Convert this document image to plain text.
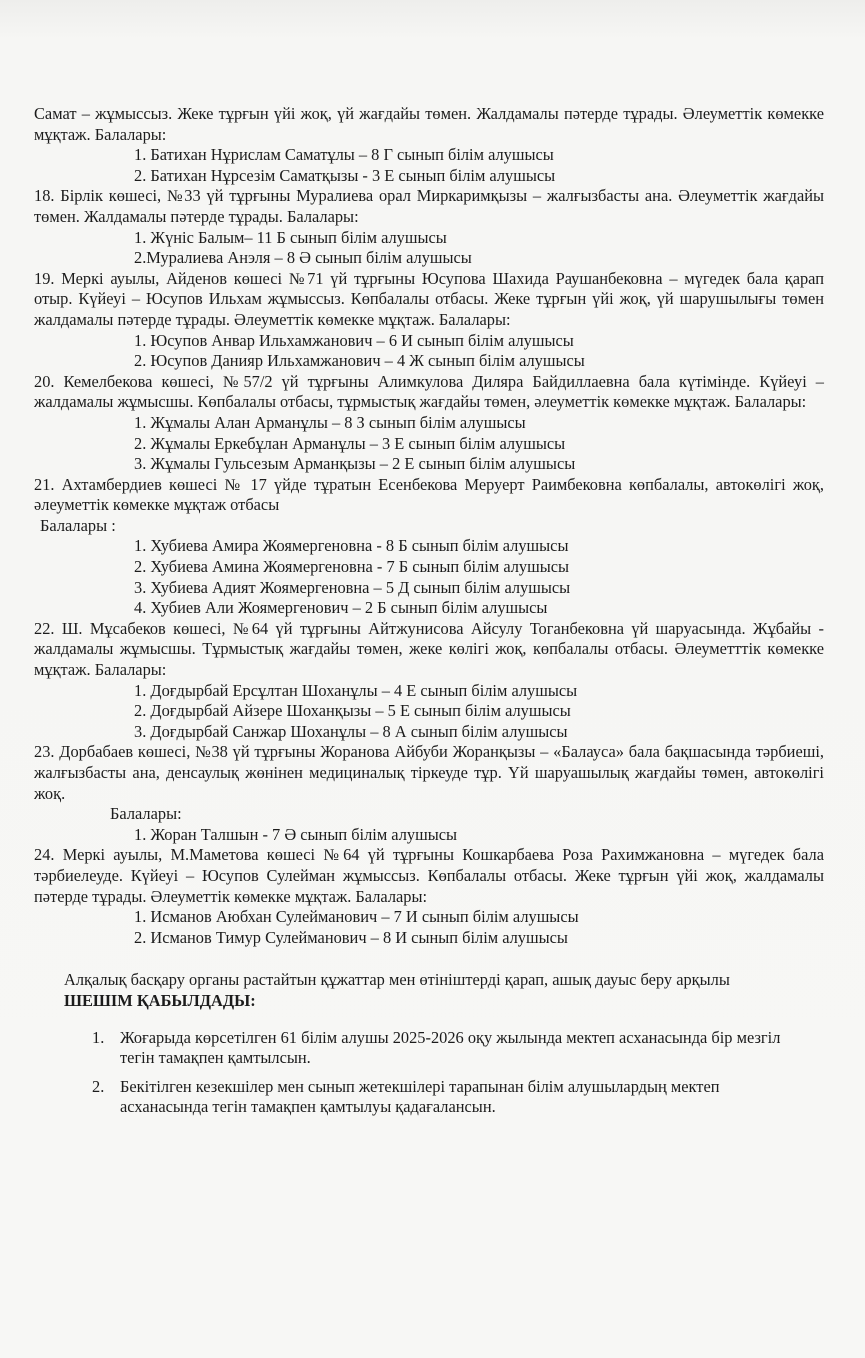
Самат – жұмыссыз. Жеке тұрғын үйі жоқ, үй жағдайы төмен. Жалдамалы пәтерде тұрады. Әлеуметтік көмекке мұқтаж. Балалары:

1. Батихан Нұрислам Саматұлы – 8 Г сынып білім алушысы

2. Батихан Нұрсезім Саматқызы - 3 Е сынып білім алушысы

18. Бірлік көшесі, №33 үй тұрғыны Муралиева орал Миркаримқызы – жалғызбасты ана. Әлеуметтік жағдайы төмен. Жалдамалы пәтерде тұрады. Балалары:

1. Жүніс Балым– 11 Б сынып білім алушысы

2.Муралиева Анэля – 8 Ә сынып білім алушысы

19. Меркі ауылы, Айденов көшесі №71 үй тұрғыны Юсупова Шахида Раушанбековна – мүгедек бала қарап отыр. Күйеуі – Юсупов Ильхам жұмыссыз. Көпбалалы отбасы. Жеке тұрғын үйі жоқ, үй шарушылығы төмен жалдамалы пәтерде тұрады. Әлеуметтік көмекке мұқтаж. Балалары:

1. Юсупов Анвар Ильхамжанович – 6 И сынып білім алушысы

2. Юсупов Данияр Ильхамжанович – 4 Ж сынып білім алушысы

20. Кемелбекова көшесі, №57/2 үй тұрғыны Алимкулова Диляра Байдиллаевна бала күтімінде. Күйеуі – жалдамалы жұмысшы. Көпбалалы отбасы, тұрмыстық жағдайы төмен, әлеуметтік көмекке мұқтаж. Балалары:

1. Жұмалы Алан Арманұлы – 8 З сынып білім алушысы

2. Жұмалы Еркебұлан Арманұлы – 3 Е сынып білім алушысы

3. Жұмалы Гульсезым Арманқызы – 2 Е сынып білім алушысы

21. Ахтамбердиев көшесі № 17 үйде тұратын Есенбекова Меруерт Раимбековна көпбалалы, автокөлігі жоқ, әлеуметтік көмекке мұқтаж отбасы

Балалары :

1. Хубиева Амира Жоямергеновна - 8 Б сынып білім алушысы

2. Хубиева Амина Жоямергеновна - 7 Б сынып білім алушысы

3. Хубиева Адият Жоямергеновна – 5 Д сынып білім алушысы

4. Хубиев Али Жоямергенович – 2 Б сынып білім алушысы

22. Ш. Мұсабеков көшесі, №64 үй тұрғыны Айтжунисова Айсулу Тоганбековна үй шаруасында. Жұбайы - жалдамалы жұмысшы. Тұрмыстық жағдайы төмен, жеке көлігі жоқ, көпбалалы отбасы. Әлеуметттік көмекке мұқтаж. Балалары:

1. Доғдырбай Ерсұлтан Шоханұлы – 4 Е сынып білім алушысы

2. Доғдырбай Айзере Шоханқызы – 5 Е сынып білім алушысы

3. Доғдырбай Санжар Шоханұлы – 8 А сынып білім алушысы

23. Дорбабаев көшесі, №38 үй тұрғыны Жоранова Айбуби Жоранқызы – «Балауса» бала бақшасында тәрбиеші, жалғызбасты ана, денсаулық жөнінен медициналық тіркеуде тұр. Үй шаруашылық жағдайы төмен, автокөлігі жоқ.

Балалары:

1. Жоран Талшын - 7 Ә сынып білім алушысы

24. Меркі ауылы, М.Маметова көшесі №64 үй тұрғыны Кошкарбаева Роза Рахимжановна – мүгедек бала тәрбиелеуде. Күйеуі – Юсупов Сулейман жұмыссыз. Көпбалалы отбасы. Жеке тұрғын үйі жоқ, жалдамалы пәтерде тұрады. Әлеуметтік көмекке мұқтаж. Балалары:

1. Исманов Аюбхан Сулейманович – 7 И сынып білім алушысы

2. Исманов Тимур Сулейманович – 8 И сынып білім алушысы

Алқалық басқару органы растайтын құжаттар мен өтініштерді қарап, ашық дауыс беру арқылы

ШЕШІМ ҚАБЫЛДАДЫ:

1. Жоғарыда көрсетілген 61 білім алушы 2025-2026 оқу жылында мектеп асханасында бір мезгіл тегін тамақпен қамтылсын.
2. Бекітілген кезекшілер мен сынып жетекшілері тарапынан білім алушылардың мектеп асханасында тегін тамақпен қамтылуы қадағалансын.
